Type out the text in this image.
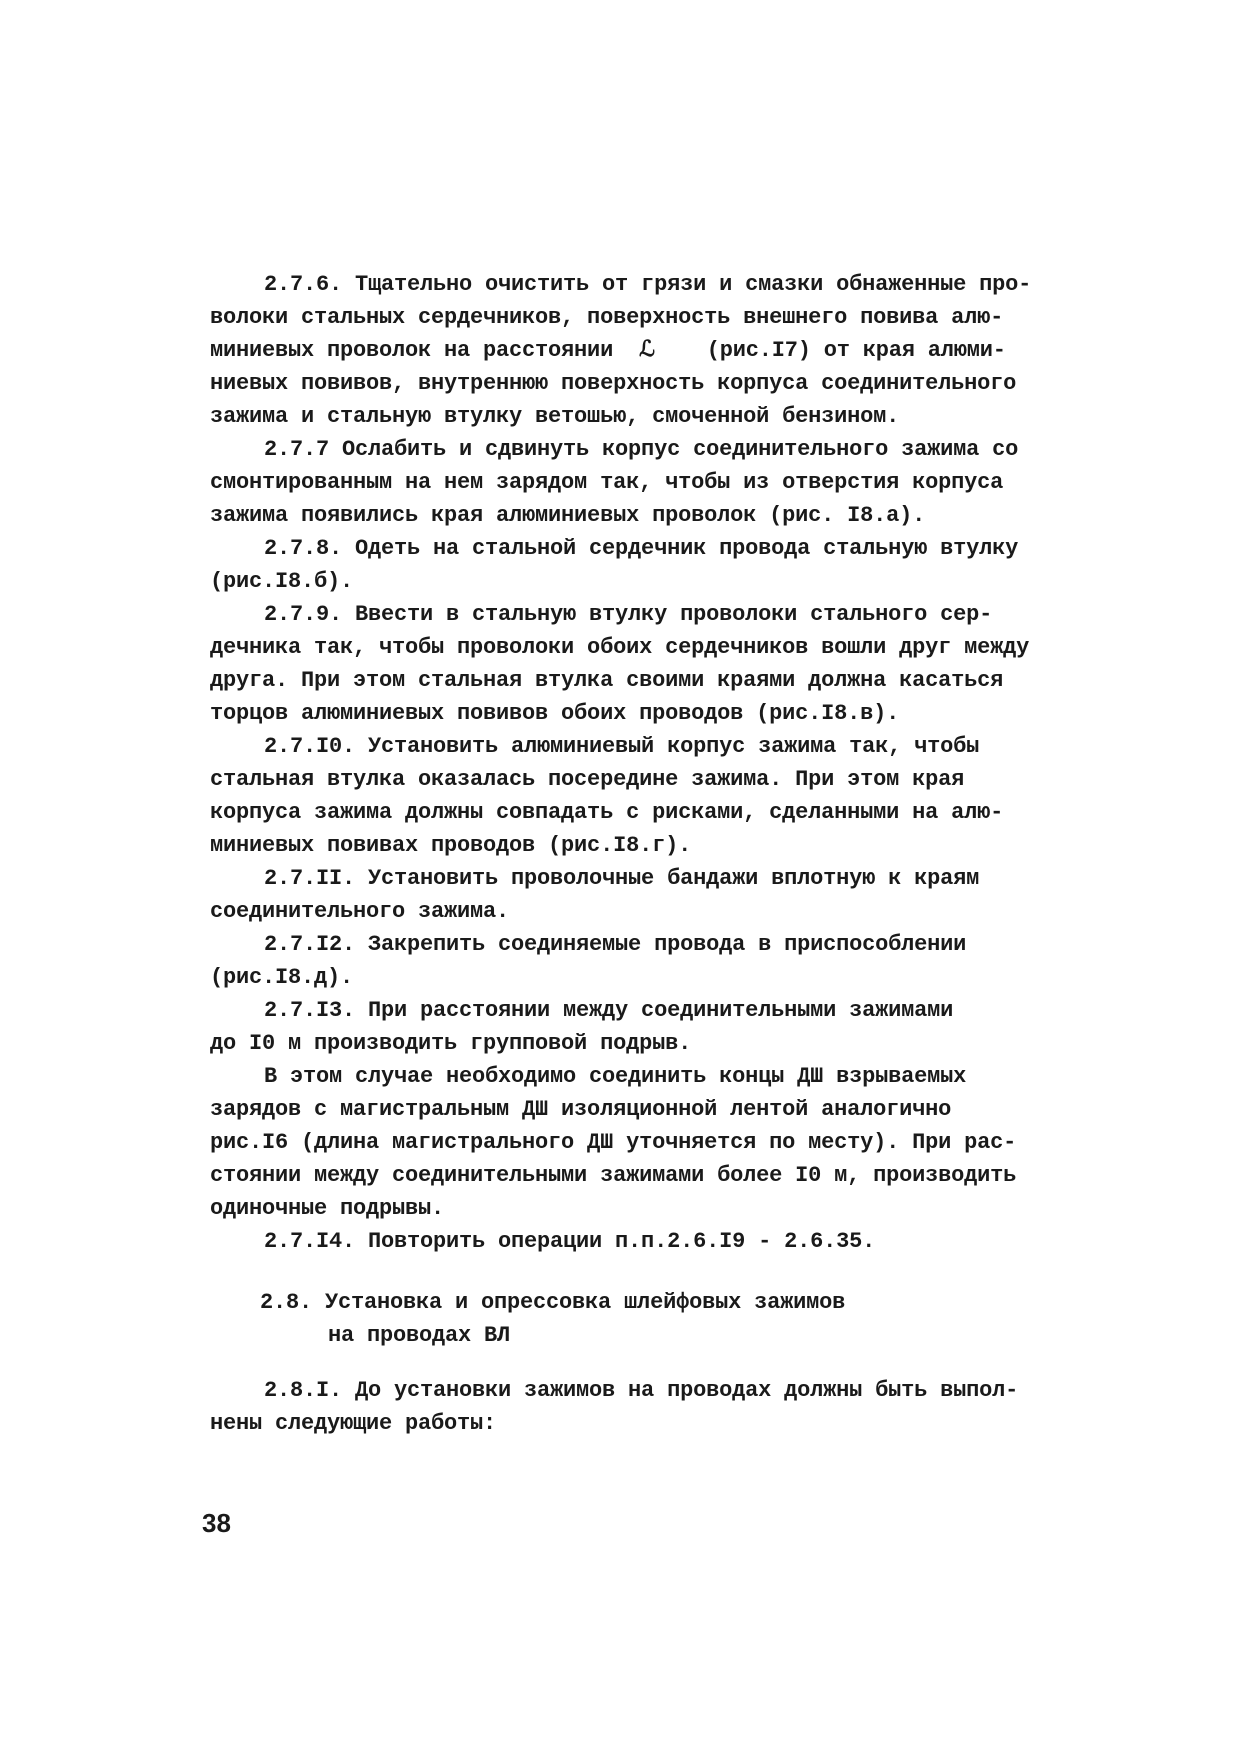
2.7.6. Тщательно очистить от грязи и смазки обнаженные про-
волоки стальных сердечников, поверхность внешнего повива алю-
миниевых проволок на расстоянии  ℒ    (рис.I7) от края алюми-
ниевых повивов, внутреннюю поверхность корпуса соединительного
зажима и стальную втулку ветошью, смоченной бензином.
2.7.7 Ослабить и сдвинуть корпус соединительного зажима со
смонтированным на нем зарядом так, чтобы из отверстия корпуса
зажима появились края алюминиевых проволок (рис. I8.а).
2.7.8. Одеть на стальной сердечник провода стальную втулку
(рис.I8.б).
2.7.9. Ввести в стальную втулку проволоки стального сер-
дечника так, чтобы проволоки обоих сердечников вошли друг между
друга. При этом стальная втулка своими краями должна касаться
торцов алюминиевых повивов обоих проводов (рис.I8.в).
2.7.I0. Установить алюминиевый корпус зажима так, чтобы
стальная втулка оказалась посередине зажима. При этом края
корпуса зажима должны совпадать с рисками, сделанными на алю-
миниевых повивах проводов (рис.I8.г).
2.7.II. Установить проволочные бандажи вплотную к краям
соединительного зажима.
2.7.I2. Закрепить соединяемые провода в приспособлении
(рис.I8.д).
2.7.I3. При расстоянии между соединительными зажимами
до I0 м производить групповой подрыв.
В этом случае необходимо соединить концы ДШ взрываемых
зарядов с магистральным ДШ изоляционной лентой аналогично
рис.I6 (длина магистрального ДШ уточняется по месту). При рас-
стоянии между соединительными зажимами более I0 м, производить
одиночные подрывы.
2.7.I4. Повторить операции п.п.2.6.I9 - 2.6.35.
2.8. Установка и опрессовка шлейфовых зажимов
на проводах ВЛ
2.8.I. До установки зажимов на проводах должны быть выпол-
нены следующие работы:
38
